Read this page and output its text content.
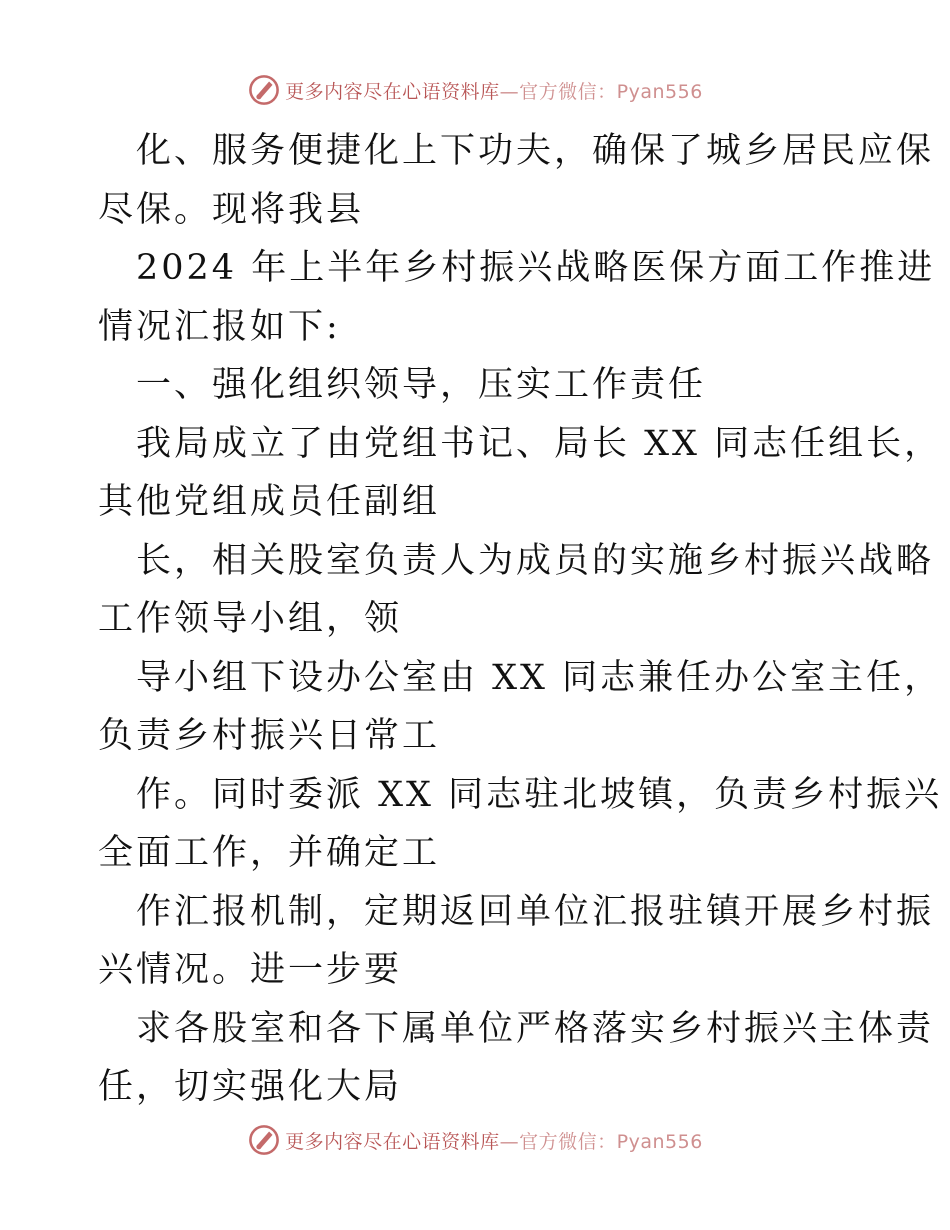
更多内容尽在心语资料库 —官方微信：Pyan556

化、服务便捷化上下功夫，确保了城乡居民应保

尽保。现将我县

2024 年上半年乡村振兴战略医保方面工作推进

情况汇报如下:

一、强化组织领导，压实工作责任

我局成立了由党组书记、局长 XX 同志任组长，

其他党组成员任副组

长，相关股室负责人为成员的实施乡村振兴战略

工作领导小组，领

导小组下设办公室由 XX 同志兼任办公室主任，

负责乡村振兴日常工

作。同时委派 XX 同志驻北坡镇，负责乡村振兴

全面工作，并确定工

作汇报机制，定期返回单位汇报驻镇开展乡村振

兴情况。进一步要

求各股室和各下属单位严格落实乡村振兴主体责

任，切实强化大局

更多内容尽在心语资料库 —官方微信：Pyan556
